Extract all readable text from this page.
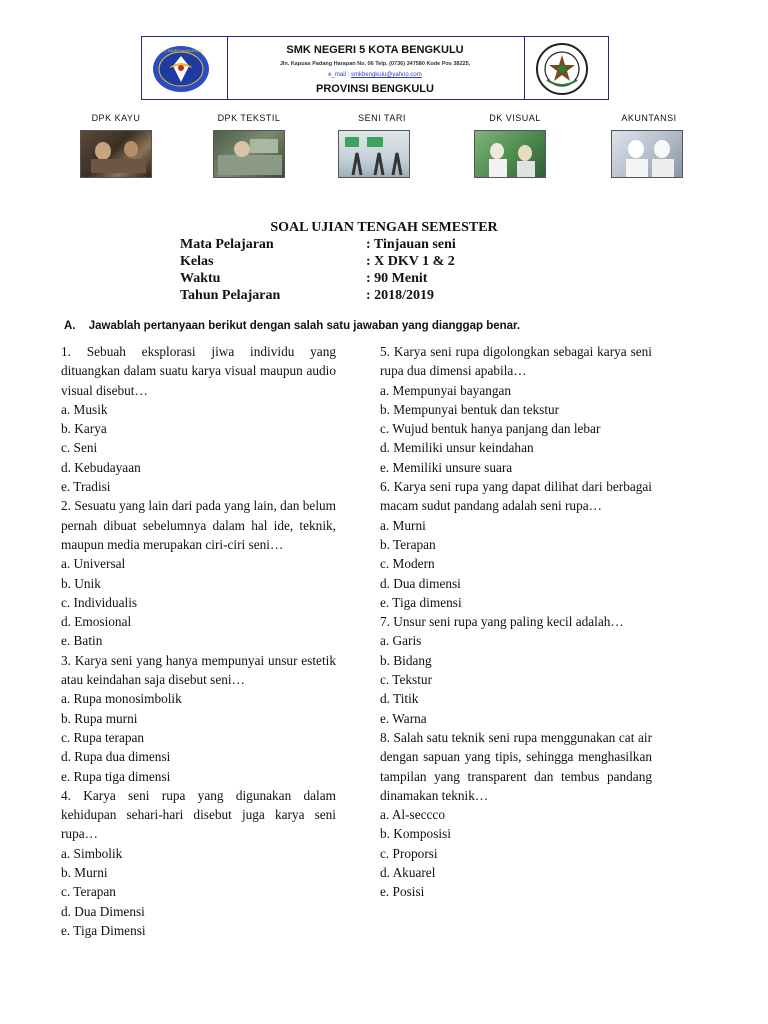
TUT WURI HANDAYANI	SMK NEGERI 5 KOTA BENGKULU
Jln. Kapuas Padang Harapan No. 06 Telp. (0736) 347580 Kode Pos 38225,
e_mail : smkbengkulu@yahoo.com
PROVINSI BENGKULU
DPK KAYU	DPK TEKSTIL	SENI TARI	DK VISUAL	AKUNTANSI
SOAL UJIAN TENGAH SEMESTER
Mata Pelajaran	: Tinjauan seni
Kelas	: X DKV 1 & 2
Waktu	: 90 Menit
Tahun Pelajaran	: 2018/2019
A. Jawablah pertanyaan berikut dengan salah satu jawaban yang dianggap benar.

1. Sebuah eksplorasi jiwa individu yang dituangkan dalam suatu karya visual maupun audio visual disebut…

a. Musik

b. Karya

c. Seni

d. Kebudayaan

e. Tradisi

2. Sesuatu yang lain dari pada yang lain, dan belum pernah dibuat sebelumnya dalam hal ide, teknik, maupun media merupakan ciri-ciri seni…

a. Universal

b. Unik

c. Individualis

d. Emosional

e. Batin

3. Karya seni yang hanya mempunyai unsur estetik atau keindahan saja disebut seni…

a. Rupa monosimbolik

b. Rupa murni

c. Rupa terapan

d. Rupa dua dimensi

e. Rupa tiga dimensi

4. Karya seni rupa yang digunakan dalam kehidupan sehari-hari disebut juga karya seni rupa…

a. Simbolik

b. Murni

c. Terapan

d. Dua Dimensi

e. Tiga Dimensi

5. Karya seni rupa digolongkan sebagai karya seni rupa dua dimensi apabila…

a. Mempunyai bayangan

b. Mempunyai bentuk dan tekstur

c. Wujud bentuk hanya panjang dan lebar

d. Memiliki unsur keindahan

e. Memiliki unsure suara

6. Karya seni rupa yang dapat dilihat dari berbagai macam sudut pandang adalah seni rupa…

a. Murni

b. Terapan

c. Modern

d. Dua dimensi

e. Tiga dimensi

7. Unsur seni rupa yang paling kecil adalah…

a. Garis

b. Bidang

c. Tekstur

d. Titik

e. Warna

8. Salah satu teknik seni rupa menggunakan cat air dengan sapuan yang tipis, sehingga menghasilkan tampilan yang transparent dan tembus pandang dinamakan teknik…

a. Al-seccco

b. Komposisi

c. Proporsi

d. Akuarel

e. Posisi
